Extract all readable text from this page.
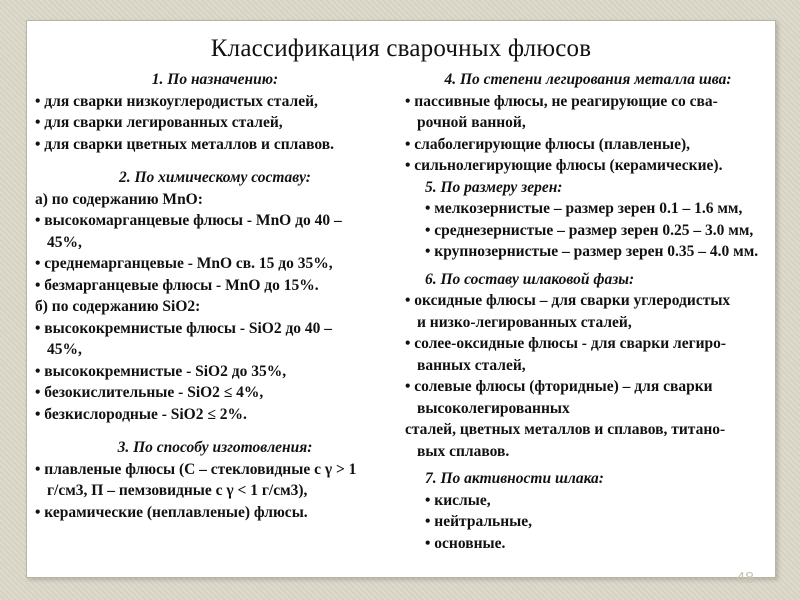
Классификация сварочных флюсов
1. По назначению:
• для сварки низкоуглеродистых сталей,
• для сварки легированных сталей,
• для сварки цветных металлов и сплавов.
2. По химическому составу:
а) по содержанию MnO:
• высокомарганцевые флюсы - MnO до 40 –
45%,
• среднемарганцевые - MnO св. 15 до 35%,
• безмарганцевые флюсы - MnO до 15%.
б) по содержанию SiO2:
• высококремнистые флюсы - SiO2 до 40 –
45%,
• высококремнистые - SiO2 до 35%,
• безокислительные - SiO2 ≤ 4%,
• безкислородные - SiO2 ≤ 2%.
3. По способу изготовления:
• плавленые флюсы (С – стекловидные с γ > 1
г/см3, П – пемзовидные с γ < 1 г/см3),
• керамические (неплавленые) флюсы.
4. По степени легирования металла шва:
• пассивные флюсы, не реагирующие со сва-
рочной ванной,
• слаболегирующие флюсы (плавленые),
• сильнолегирующие флюсы (керамические).
5. По размеру зерен:
• мелкозернистые – размер зерен 0.1 – 1.6 мм,
• среднезернистые – размер зерен 0.25 – 3.0 мм,
• крупнозернистые – размер зерен 0.35 – 4.0 мм.
6. По составу шлаковой фазы:
• оксидные флюсы – для сварки углеродистых
и низко-легированных сталей,
• солее-оксидные флюсы - для сварки легиро-
ванных сталей,
• солевые флюсы (фторидные) – для сварки
высоколегированных
сталей, цветных металлов и сплавов, титано-
вых сплавов.
7. По активности шлака:
• кислые,
• нейтральные,
• основные.
48
